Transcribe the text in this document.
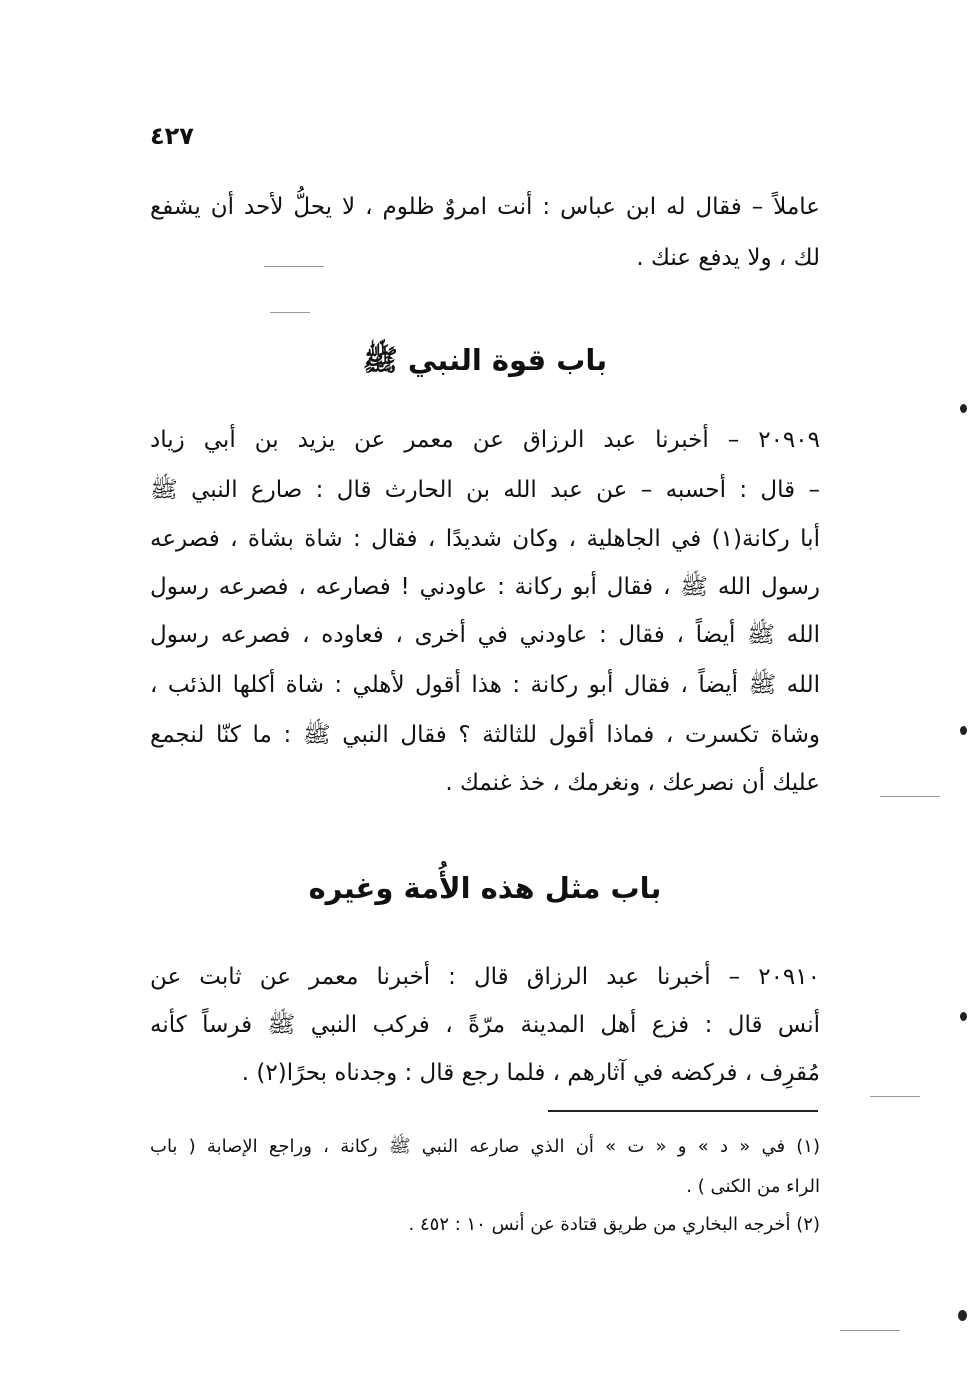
٤٢٧
عاملاً – فقال له ابن عباس : أنت امروٌ ظلوم ، لا يحلُّ لأحد أن يشفع
لك ، ولا يدفع عنك .
باب قوة النبي ﷺ
٢٠٩٠٩ – أخبرنا عبد الرزاق عن معمر عن يزيد بن أبي زياد
– قال : أحسبه – عن عبد الله بن الحارث قال : صارع النبي ﷺ
أبا ركانة(١) في الجاهلية ، وكان شديدًا ، فقال : شاة بشاة ، فصرعه
رسول الله ﷺ ، فقال أبو ركانة : عاودني ! فصارعه ، فصرعه رسول
الله ﷺ أيضاً ، فقال : عاودني في أخرى ، فعاوده ، فصرعه رسول
الله ﷺ أيضاً ، فقال أبو ركانة : هذا أقول لأهلي : شاة أكلها الذئب ،
وشاة تكسرت ، فماذا أقول للثالثة ؟ فقال النبي ﷺ : ما كنّا لنجمع
عليك أن نصرعك ، ونغرمك ، خذ غنمك .
باب مثل هذه الأُمة وغيره
٢٠٩١٠ – أخبرنا عبد الرزاق قال : أخبرنا معمر عن ثابت عن
أنس قال : فزع أهل المدينة مرّةً ، فركب النبي ﷺ فرساً كأنه
مُقرِف ، فركضه في آثارهم ، فلما رجع قال : وجدناه بحرًا(٢) .
(١) في « د » و « ت » أن الذي صارعه النبي ﷺ ركانة ، وراجع الإصابة ( باب
الراء من الكنى ) .
(٢) أخرجه البخاري من طريق قتادة عن أنس ١٠ : ٤٥٢ .
